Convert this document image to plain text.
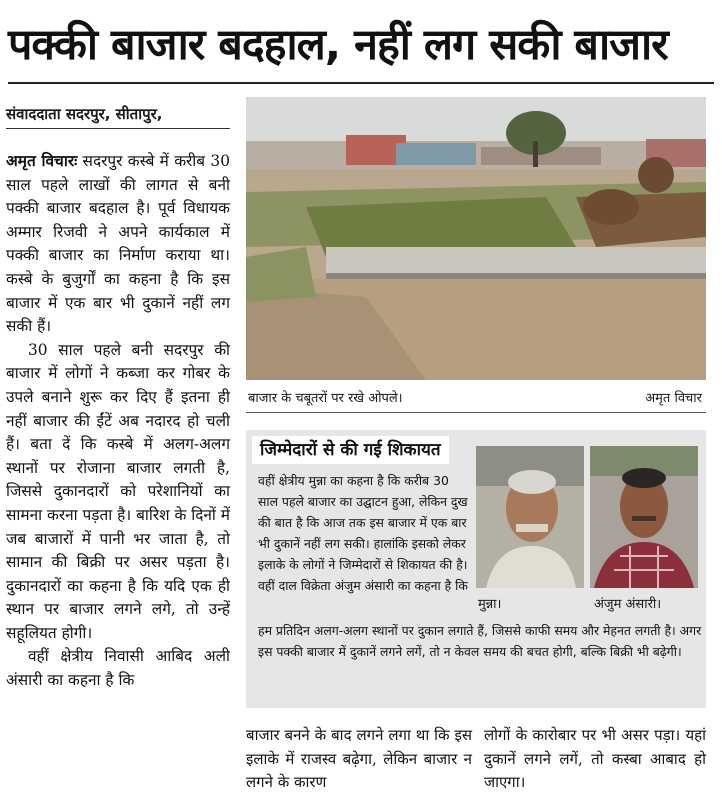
पक्की बाजार बदहाल, नहीं लग सकी बाजार
संवाददाता सदरपुर, सीतापुर,

अमृत विचारः सदरपुर कस्बे में करीब 30 साल पहले लाखों की लागत से बनी पक्की बाजार बदहाल है। पूर्व विधायक अम्मार रिजवी ने अपने कार्यकाल में पक्की बाजार का निर्माण कराया था। कस्बे के बुजुर्गों का कहना है कि इस बाजार में एक बार भी दुकानें नहीं लग सकी हैं।

30 साल पहले बनी सदरपुर की बाजार में लोगों ने कब्जा कर गोबर के उपले बनाने शुरू कर दिए हैं इतना ही नहीं बाजार की ईंटें अब नदारद हो चली हैं। बता दें कि कस्बे में अलग-अलग स्थानों पर रोजाना बाजार लगती है, जिससे दुकानदारों को परेशानियों का सामना करना पड़ता है। बारिश के दिनों में जब बाजारों में पानी भर जाता है, तो सामान की बिक्री पर असर पड़ता है। दुकानदारों का कहना है कि यदि एक ही स्थान पर बाजार लगने लगे, तो उन्हें सहूलियत होगी।

वहीं क्षेत्रीय निवासी आबिद अली अंसारी का कहना है कि

बाजार के चबूतरों पर रखे ओपले।	अमृत विचार
जिम्मेदारों से की गई शिकायत
वहीं क्षेत्रीय मुन्ना का कहना है कि करीब 30 साल पहले बाजार का उद्घाटन हुआ, लेकिन दुख की बात है कि आज तक इस बाजार में एक बार भी दुकानें नहीं लग सकी। हालांकि इसको लेकर इलाके के लोगों ने जिम्मेदारों से शिकायत की है। वहीं दाल विक्रेता अंजुम अंसारी का कहना है कि
मुन्ना।	अंजुम अंसारी।
हम प्रतिदिन अलग-अलग स्थानों पर दुकान लगाते हैं, जिससे काफी समय और मेहनत लगती है। अगर इस पक्की बाजार में दुकानें लगने लगें, तो न केवल समय की बचत होगी, बल्कि बिक्री भी बढ़ेगी।
बाजार बनने के बाद लगने लगा था कि इस इलाके में राजस्व बढ़ेगा, लेकिन बाजार न लगने के कारण
लोगों के कारोबार पर भी असर पड़ा। यहां दुकानें लगने लगें, तो कस्बा आबाद हो जाएगा।
